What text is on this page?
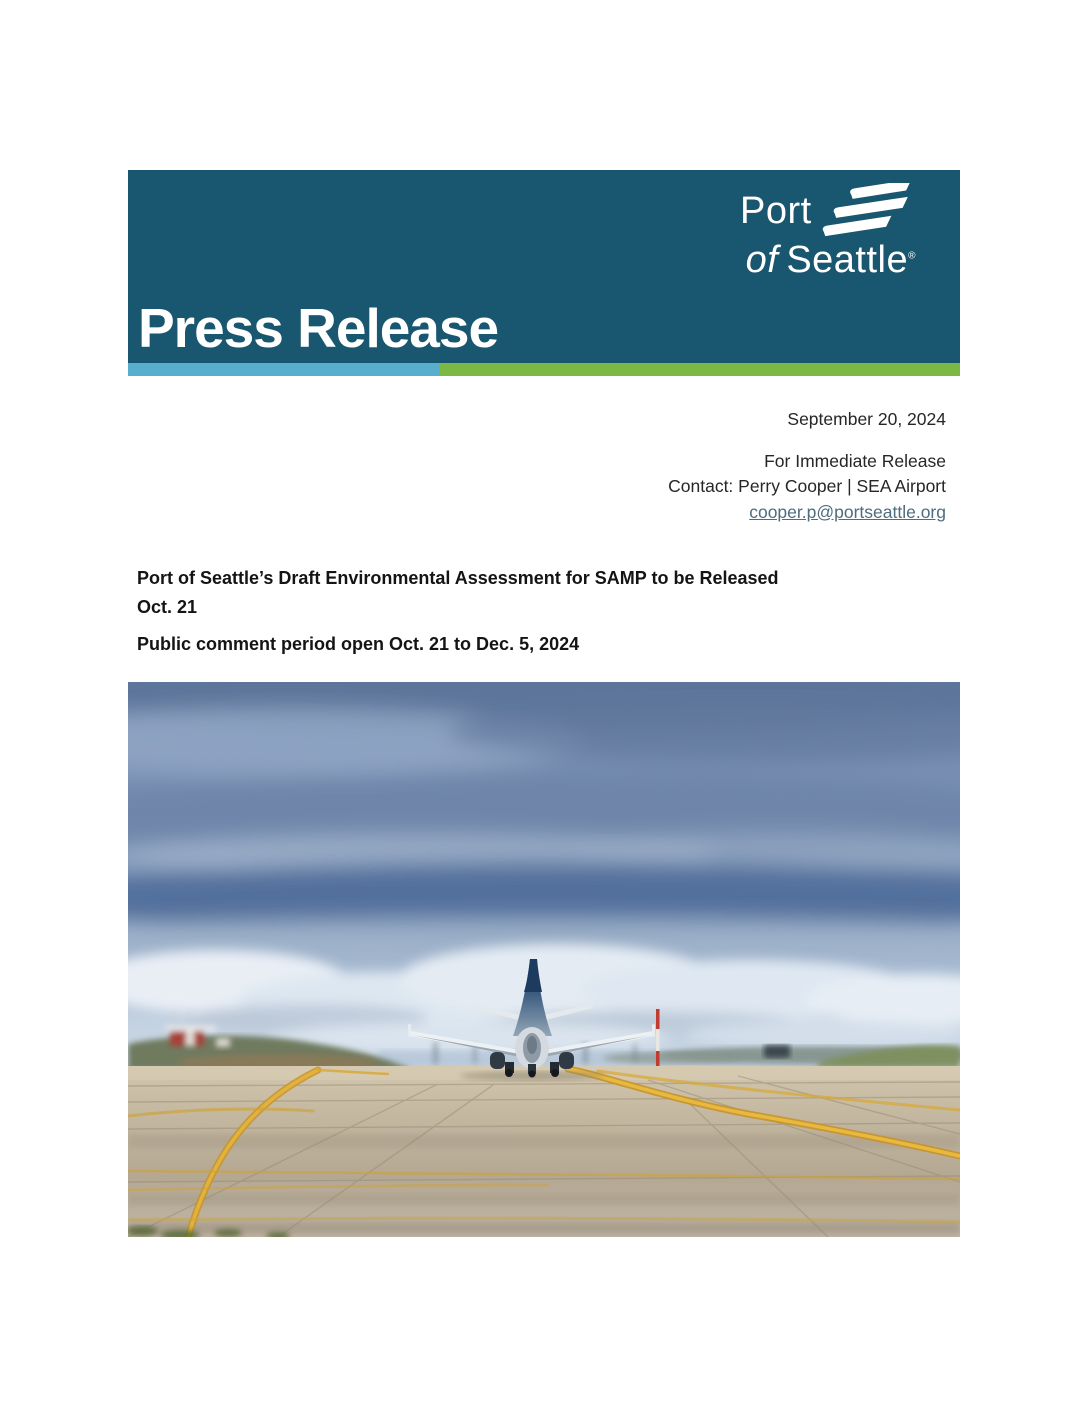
Port
of Seattle®
Press Release

September 20, 2024

For Immediate Release

Contact: Perry Cooper | SEA Airport

cooper.p@portseattle.org

Port of Seattle’s Draft Environmental Assessment for SAMP to be Released
Oct. 21
Public comment period open Oct. 21 to Dec. 5, 2024
